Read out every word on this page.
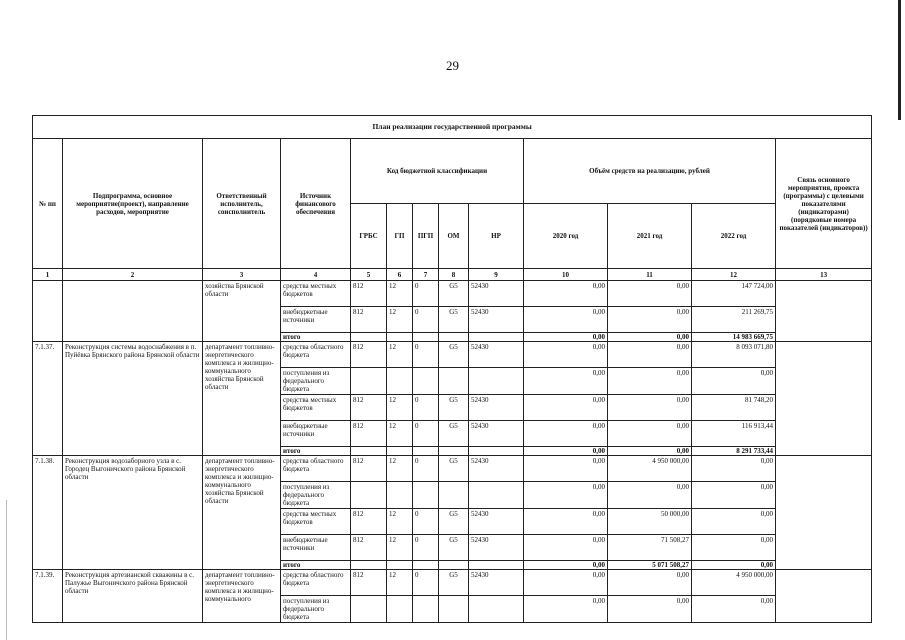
29
План реализации государственной программы												
№ пп	Подпрограмма, основное мероприятие(проект), направление расходов, мероприятие	Ответственный исполнитель, соисполнитель	Источник финансового обеспечения	Код бюджетной классификации					Объём средств на реализацию, рублей			Связь основного мероприятия, проекта (программы) с целевыми показателями (индикаторами) (порядковые номера показателей (индикаторов))
				ГРБС	ГП	ПГП	ОМ	НР	2020 год	2021 год	2022 год	
1	2	3	4	5	6	7	8	9	10	11	12	13
		хозяйства Брянской области	средства местных бюджетов	812	12	0	G5	52430	0,00	0,00	147 724,00	
			внебюджетные источники	812	12	0	G5	52430	0,00	0,00	211 269,75	
			итого						0,00	0,00	14 983 669,75	
7.1.37.	Реконструкция системы водоснабжения в п. Пуйёвка Брянского района Брянской области	департамент топливно-энергетического комплекса и жилищно-коммунального хозяйства Брянской области	средства областного бюджета	812	12	0	G5	52430	0,00	0,00	8 093 071,80	
			поступления из федерального бюджета						0,00	0,00	0,00	
			средства местных бюджетов	812	12	0	G5	52430	0,00	0,00	81 748,20	
			внебюджетные источники	812	12	0	G5	52430	0,00	0,00	116 913,44	
			итого						0,00	0,00	8 291 733,44	
7.1.38.	Реконструкция водозаборного узла в с. Городец Выгоничского района Брянской области	департамент топливно-энергетического комплекса и жилищно-коммунального хозяйства Брянской области	средства областного бюджета	812	12	0	G5	52430	0,00	4 950 000,00	0,00	
			поступления из федерального бюджета						0,00	0,00	0,00	
			средства местных бюджетов	812	12	0	G5	52430	0,00	50 000,00	0,00	
			внебюджетные источники	812	12	0	G5	52430	0,00	71 508,27	0,00	
			итого						0,00	5 071 508,27	0,00	
7.1.39.	Реконструкция артезианской скважины в с. Палужье Выгоничского района Брянской области	департамент топливно-энергетического комплекса и жилищно-коммунального	средства областного бюджета	812	12	0	G5	52430	0,00	0,00	4 950 000,00	
			поступления из федерального бюджета						0,00	0,00	0,00	
